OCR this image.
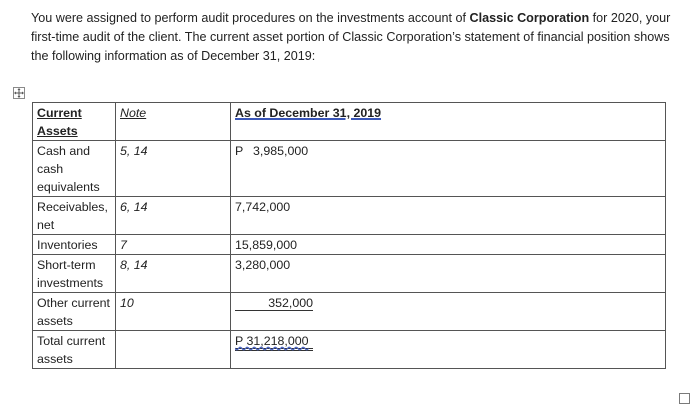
You were assigned to perform audit procedures on the investments account of Classic Corporation for 2020, your first-time audit of the client. The current asset portion of Classic Corporation’s statement of financial position shows the following information as of December 31, 2019:
Current Assets	Note	As of December 31, 2019
Cash and cash equivalents	5, 14	P 3,985,000
Receivables, net	6, 14	7,742,000
Inventories	7	15,859,000
Short-term investments	8, 14	3,280,000
Other current assets	10	352,000
Total current assets		P 31,218,000
